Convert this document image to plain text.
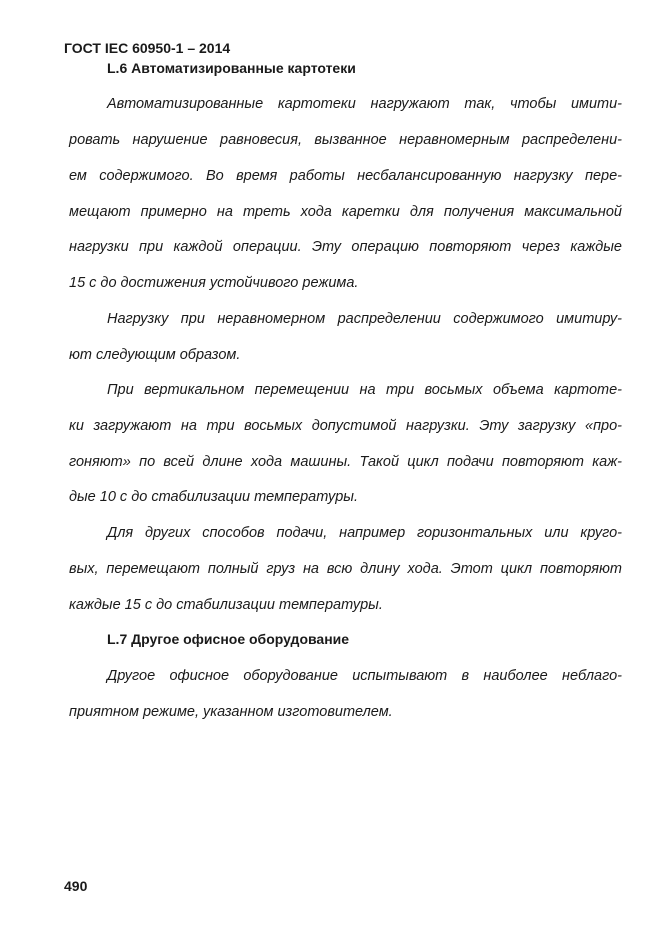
ГОСТ IEC 60950-1 – 2014
L.6 Автоматизированные картотеки
Автоматизированные картотеки нагружают так, чтобы имити-
ровать нарушение равновесия, вызванное неравномерным распределени-
ем содержимого. Во время работы несбалансированную нагрузку пере-
мещают примерно на треть хода каретки для получения максимальной
нагрузки при каждой операции. Эту операцию повторяют через каждые
15 с до достижения устойчивого режима.
Нагрузку при неравномерном распределении содержимого имитиру-
ют следующим образом.
При вертикальном перемещении на три восьмых объема картоте-
ки загружают на три восьмых допустимой нагрузки. Эту загрузку «про-
гоняют» по всей длине хода машины. Такой цикл подачи повторяют каж-
дые 10 с до стабилизации температуры.
Для других способов подачи, например горизонтальных или круго-
вых, перемещают полный груз на всю длину хода. Этот цикл повторяют
каждые 15 с до стабилизации температуры.
L.7 Другое офисное оборудование
Другое офисное оборудование испытывают в наиболее неблаго-
приятном режиме, указанном изготовителем.
490
